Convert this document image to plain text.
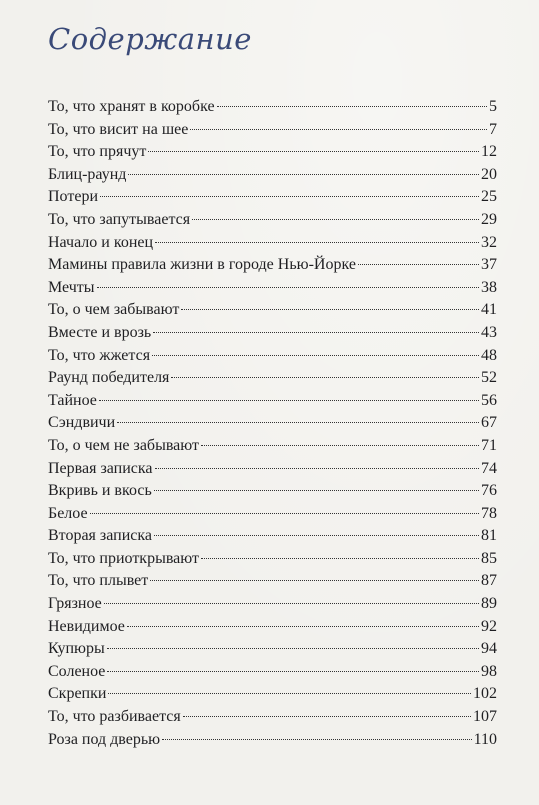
Содержание
То, что хранят в коробке	5
То, что висит на шее	7
То, что прячут	12
Блиц-раунд	20
Потери	25
То, что запутывается	29
Начало и конец	32
Мамины правила жизни в городе Нью-Йорке	37
Мечты	38
То, о чем забывают	41
Вместе и врозь	43
То, что жжется	48
Раунд победителя	52
Тайное	56
Сэндвичи	67
То, о чем не забывают	71
Первая записка	74
Вкривь и вкось	76
Белое	78
Вторая записка	81
То, что приоткрывают	85
То, что плывет	87
Грязное	89
Невидимое	92
Купюры	94
Соленое	98
Скрепки	102
То, что разбивается	107
Роза под дверью	110
